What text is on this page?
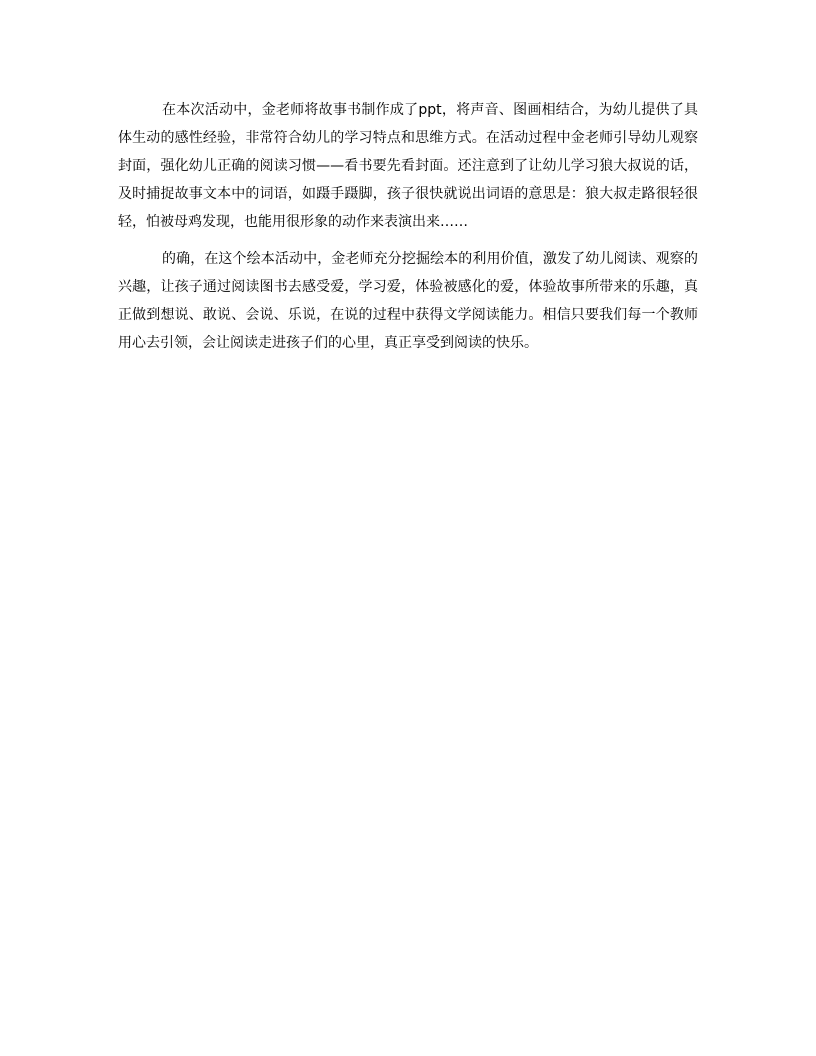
在本次活动中，金老师将故事书制作成了ppt，将声音、图画相结合，为幼儿提供了具体生动的感性经验，非常符合幼儿的学习特点和思维方式。在活动过程中金老师引导幼儿观察封面，强化幼儿正确的阅读习惯——看书要先看封面。还注意到了让幼儿学习狼大叔说的话，及时捕捉故事文本中的词语，如蹑手蹑脚，孩子很快就说出词语的意思是：狼大叔走路很轻很轻，怕被母鸡发现，也能用很形象的动作来表演出来……

的确，在这个绘本活动中，金老师充分挖掘绘本的利用价值，激发了幼儿阅读、观察的兴趣，让孩子通过阅读图书去感受爱，学习爱，体验被感化的爱，体验故事所带来的乐趣，真正做到想说、敢说、会说、乐说，在说的过程中获得文学阅读能力。相信只要我们每一个教师用心去引领，会让阅读走进孩子们的心里，真正享受到阅读的快乐。
